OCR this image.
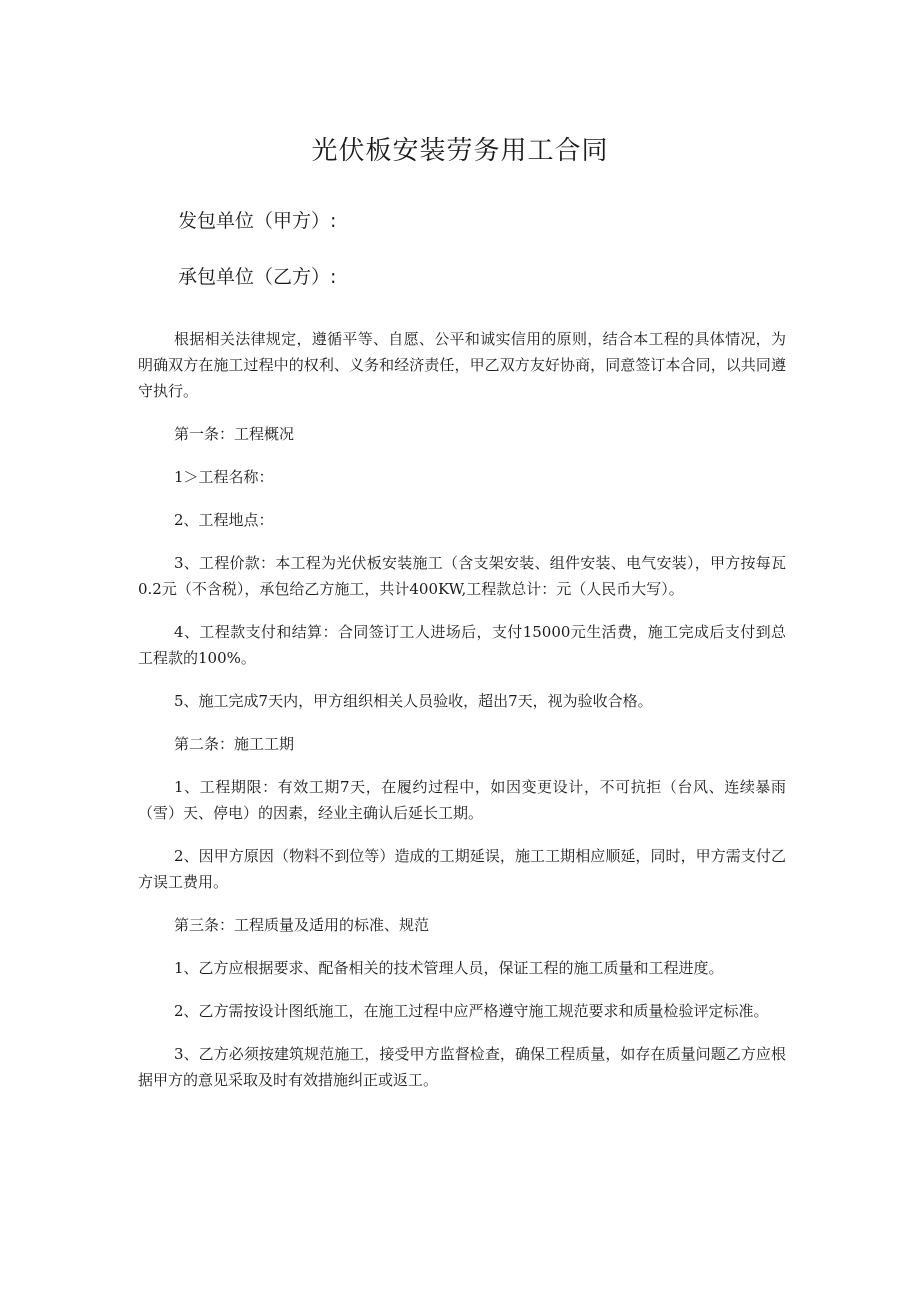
光伏板安装劳务用工合同

发包单位（甲方）:

承包单位（乙方）:

根据相关法律规定，遵循平等、自愿、公平和诚实信用的原则，结合本工程的具体情况，为明确双方在施工过程中的权利、义务和经济责任，甲乙双方友好协商，同意签订本合同，以共同遵守执行。

第一条：工程概况

1＞工程名称：

2、工程地点：

3、工程价款：本工程为光伏板安装施工（含支架安装、组件安装、电气安装），甲方按每瓦0.2元（不含税），承包给乙方施工，共计400KW,工程款总计：元（人民币大写）。

4、工程款支付和结算：合同签订工人进场后，支付15000元生活费，施工完成后支付到总工程款的100%。

5、施工完成7天内，甲方组织相关人员验收，超出7天，视为验收合格。

第二条：施工工期

1、工程期限：有效工期7天，在履约过程中，如因变更设计，不可抗拒（台风、连续暴雨（雪）天、停电）的因素，经业主确认后延长工期。

2、因甲方原因（物料不到位等）造成的工期延误，施工工期相应顺延，同时，甲方需支付乙方误工费用。

第三条：工程质量及适用的标准、规范

1、乙方应根据要求、配备相关的技术管理人员，保证工程的施工质量和工程进度。

2、乙方需按设计图纸施工，在施工过程中应严格遵守施工规范要求和质量检验评定标准。

3、乙方必须按建筑规范施工，接受甲方监督检查，确保工程质量，如存在质量问题乙方应根据甲方的意见采取及时有效措施纠正或返工。
